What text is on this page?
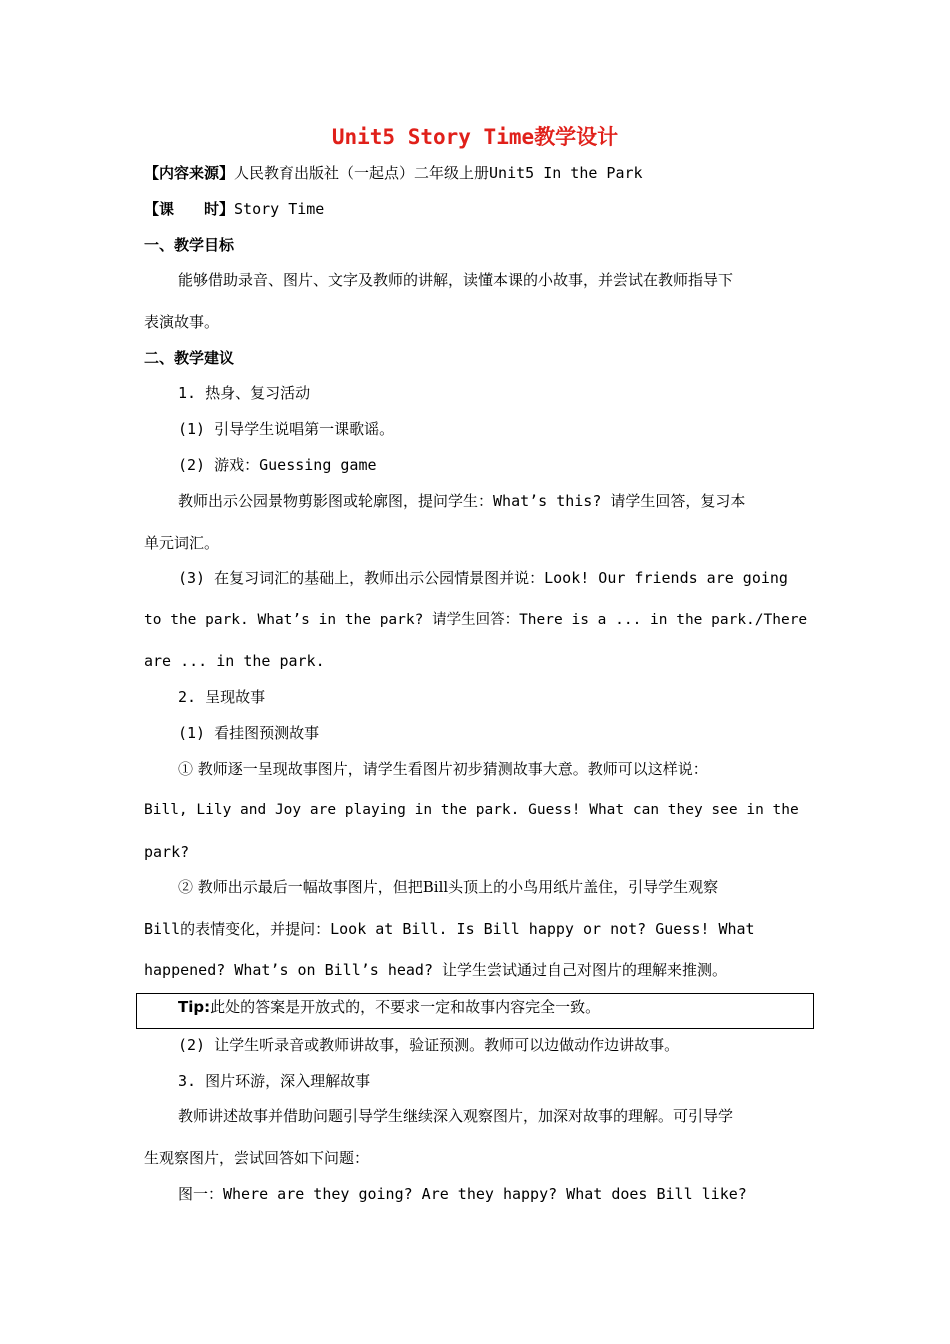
Unit5 Story Time教学设计
【内容来源】人民教育出版社（一起点）二年级上册Unit5 In the Park
【课　　时】Story Time
一、教学目标
能够借助录音、图片、文字及教师的讲解，读懂本课的小故事，并尝试在教师指导下
表演故事。
二、教学建议
1. 热身、复习活动
(1) 引导学生说唱第一课歌谣。
(2) 游戏：Guessing game
教师出示公园景物剪影图或轮廓图，提问学生：What’s this? 请学生回答，复习本
单元词汇。
(3) 在复习词汇的基础上，教师出示公园情景图并说：Look! Our friends are going
to the park. What’s in the park? 请学生回答：There is a ... in the park./There
are ... in the park.
2. 呈现故事
(1) 看挂图预测故事
① 教师逐一呈现故事图片，请学生看图片初步猜测故事大意。教师可以这样说：
Bill, Lily and Joy are playing in the park. Guess! What can they see in the
park?
② 教师出示最后一幅故事图片，但把Bill头顶上的小鸟用纸片盖住，引导学生观察
Bill的表情变化，并提问：Look at Bill. Is Bill happy or not? Guess! What
happened? What’s on Bill’s head? 让学生尝试通过自己对图片的理解来推测。
Tip:此处的答案是开放式的，不要求一定和故事内容完全一致。
(2) 让学生听录音或教师讲故事，验证预测。教师可以边做动作边讲故事。
3. 图片环游，深入理解故事
教师讲述故事并借助问题引导学生继续深入观察图片，加深对故事的理解。可引导学
生观察图片，尝试回答如下问题：
图一：Where are they going? Are they happy? What does Bill like?
